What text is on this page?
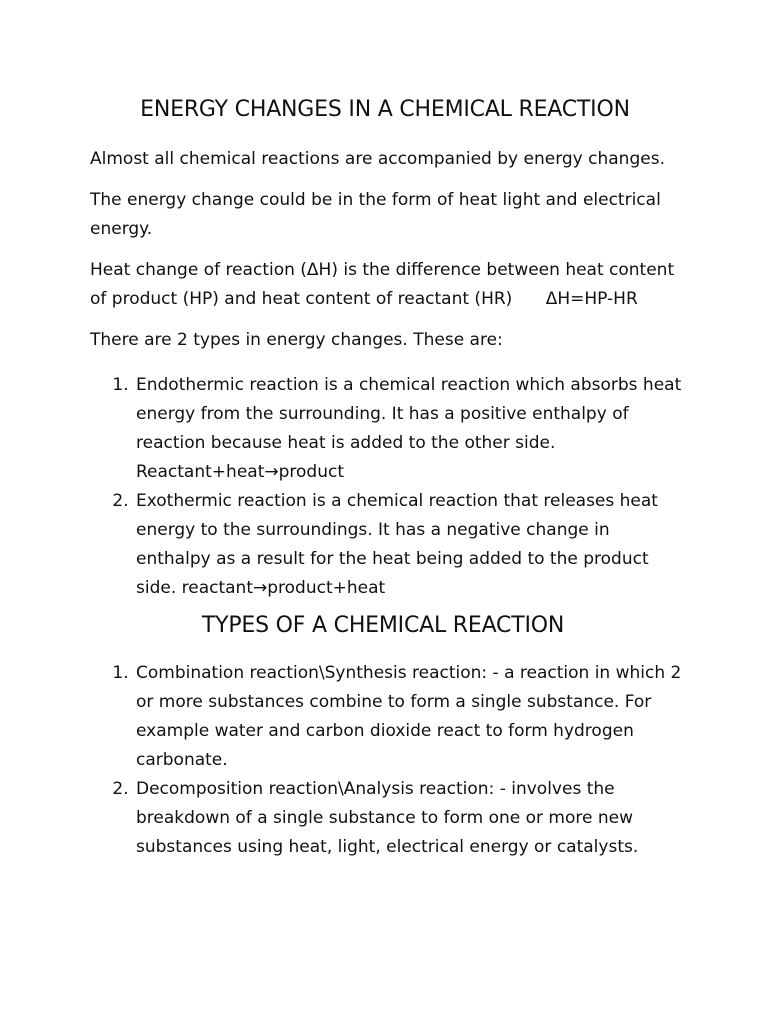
ENERGY CHANGES IN A CHEMICAL REACTION

Almost all chemical reactions are accompanied by energy changes.

The energy change could be in the form of heat light and electrical energy.

Heat change of reaction (ΔH) is the difference between heat content of product (HP) and heat content of reactant (HR) ΔH=HP-HR

There are 2 types in energy changes. These are:

1. Endothermic reaction is a chemical reaction which absorbs heat energy from the surrounding. It has a positive enthalpy of reaction because heat is added to the other side. Reactant+heat→product
2. Exothermic reaction is a chemical reaction that releases heat energy to the surroundings. It has a negative change in enthalpy as a result for the heat being added to the product side. reactant→product+heat
TYPES OF A CHEMICAL REACTION
1. Combination reaction\Synthesis reaction: - a reaction in which 2 or more substances combine to form a single substance. For example water and carbon dioxide react to form hydrogen carbonate.
2. Decomposition reaction\Analysis reaction: - involves the breakdown of a single substance to form one or more new substances using heat, light, electrical energy or catalysts.
